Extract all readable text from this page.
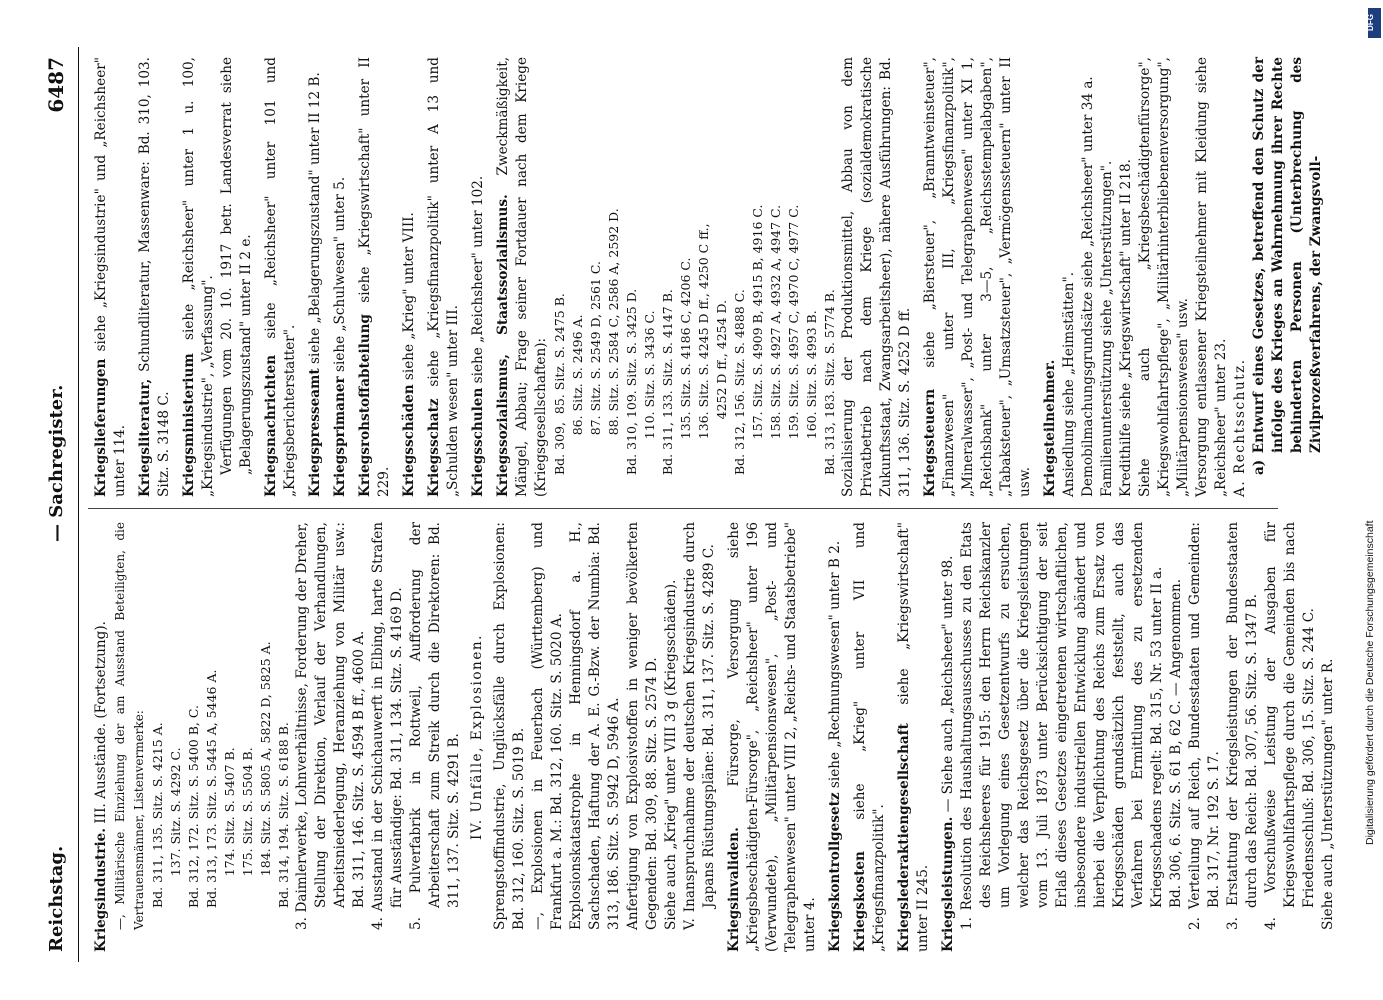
Reichstag.
— Sachregister.
6487
Kriegsindustrie. III. Ausstände. (Fortsetzung). —, Militärische Einziehung der am Ausstand Beteiligten, die Vertrauensmänner, Listenvermerke: Bd. 311, 135. Sitz. S. 4215 A.
137. Sitz. S. 4292 C.
Bd. 312, 172. Sitz. S. 5400 B, C.
Bd. 313, 173. Sitz. S. 5445 A, 5446 A.
174. Sitz. S. 5407 B.
175. Sitz. S. 5504 B.
184. Sitz. S. 5805 A, 5822 D, 5825 A.
Bd. 314, 194. Sitz. S. 6188 B. 3. Daimlerwerke, Lohnverhältnisse, Forderung der Dreher, Stellung der Direktion, Verlauf der Verhandlungen, Arbeitsniederlegung, Heranziehung von Militär usw.: Bd. 311, 146. Sitz. S. 4594 B ff., 4600 A. 4. Ausstand in der Schichauwerft in Elbing, harte Strafen für Ausständige: Bd. 311, 134. Sitz. S. 4169 D. 5. Pulverfabrik in Rottweil, Aufforderung der Arbeiterschaft zum Streik durch die Direktoren: Bd. 311, 137. Sitz. S. 4291 B. IV. Unfälle, Explosionen. Sprengstoffindustrie, Unglücksfälle durch Explosionen: Bd. 312, 160. Sitz. S. 5019 B. —, Explosionen in Feuerbach (Württemberg) und Frankfurt a. M.: Bd. 312, 160. Sitz. S. 5020 A. Explosionskatastrophe in Henningsdorf a. H., Sachschaden, Haftung der A. E. G.-Bzw. der Numbia: Bd. 313, 186. Sitz. S. 5942 D, 5946 A. Anfertigung von Explosivstoffen in weniger bevölkerten Gegenden: Bd. 309, 88. Sitz. S. 2574 D. Siehe auch „Krieg" unter VIII 3 g (Kriegsschäden). V. Inanspruchnahme der deutschen Kriegsindustrie durch Japans Rüstungspläne: Bd. 311, 137. Sitz. S. 4289 C. Kriegsinvaliden. Fürsorge, Versorgung siehe „Kriegsbeschädigten-Fürsorge", „Reichsheer" unter 196 (Verwundete), „Militärpensionswesen", „Post- und Telegraphenwesen" unter VIII 2, „Reichs- und Staatsbetriebe" unter 4. Kriegskontrollgesetz siehe „Rechnungswesen" unter B 2.
Kriegskosten siehe „Krieg" unter VII und „Kriegsfinanzpolitik". Kriegslederaktiengesellschaft siehe „Kriegswirtschaft" unter II 245. Kriegsleistungen. — Siehe auch „Reichsheer" unter 98. 1. Resolution des Haushaltungsausschusses zu den Etats des Reichsheeres für 1915: den Herrn Reichskanzler um Vorlegung eines Gesetzentwurfs zu ersuchen, welcher das Reichsgesetz über die Kriegsleistungen vom 13. Juli 1873 unter Berücksichtigung der seit Erlaß dieses Gesetzes eingetretenen wirtschaftlichen, insbesondere industriellen Entwicklung abändert und hierbei die Verpflichtung des Reichs zum Ersatz von Kriegsschäden grundsätzlich feststellt, auch das Verfahren bei Ermittlung des zu ersetzenden Kriegsschadens regelt: Bd. 315, Nr. 53 unter II a. Bd. 306, 6. Sitz. S. 61 B, 62 C. — Angenommen. 2. Verteilung auf Reich, Bundesstaaten und Gemeinden: Bd. 317, Nr. 192 S. 17. 3. Erstattung der Kriegsleistungen der Bundesstaaten durch das Reich: Bd. 307, 56. Sitz. S. 1347 B. 4. Vorschußweise Leistung der Ausgaben für Kriegswohlfahrtspflege durch die Gemeinden bis nach Friedensschluß: Bd. 306, 15. Sitz. S. 244 C. Siehe auch „Unterstützungen" unter R.
Kriegslieferungen siehe „Kriegsindustrie" und „Reichsheer" unter 114. Kriegsliteratur, Schundliteratur, Massenware: Bd. 310, 103. Sitz. S. 3148 C. Kriegsministerium siehe „Reichsheer" unter 1 u. 100, „Kriegsindustrie", „Verfassung". Verfügungen vom 20. 10. 1917 betr. Landesverrat siehe „Belagerungszustand" unter II 2 e. Kriegsnachrichten siehe „Reichsheer" unter 101 und „Kriegsberichterstatter". Kriegspresseamt siehe „Belagerungszustand" unter II 12 B.
Kriegsprimaner siehe „Schulwesen" unter 5.
Kriegsrohstoffabteilung siehe „Kriegswirtschaft" unter II 229. Kriegsschäden siehe „Krieg" unter VIII.
Kriegsschatz siehe „Kriegsfinanzpolitik" unter A 13 und „Schulden wesen" unter III. Kriegsschulen siehe „Reichsheer" unter 102. Kriegssozialismus, Staatssozialismus. Zweckmäßigkeit, Mängel, Abbau; Frage seiner Fortdauer nach dem Kriege (Kriegsgesellschaften): Bd. 309,  85. Sitz. S. 2475 B.
86. Sitz. S. 2496 A.
87. Sitz. S. 2549 D, 2561 C.
88. Sitz. S. 2584 C, 2586 A, 2592 D.
Bd. 310, 109. Sitz. S. 3425 D.
110. Sitz. S. 3436 C.
Bd. 311, 133. Sitz. S. 4147 B.
135. Sitz. S. 4186 C, 4206 C.
136. Sitz. S. 4245 D ff., 4250 C ff.,
4252 D ff., 4254 D.
Bd. 312, 156. Sitz. S. 4888 C.
157. Sitz. S. 4909 B, 4915 B, 4916 C.
158. Sitz. S. 4927 A, 4932 A, 4947 C.
159. Sitz. S. 4957 C, 4970 C, 4977 C.
160. Sitz. S. 4993 B.
Bd. 313, 183. Sitz. S. 5774 B. Sozialisierung der Produktionsmittel, Abbau von dem Privatbetrieb nach dem Kriege (sozialdemokratische Zukunftsstaat, Zwangsarbeitsheer), nähere Ausführungen: Bd. 311, 136. Sitz. S. 4252 D ff. Kriegssteuern siehe „Biersteuer", „Branntweinsteuer", „Finanzwesen" unter III, „Kriegsfinanzpolitik", „Mineralwasser", „Post- und Telegraphenwesen" unter XI 1, „Reichsbank" unter 3—5, „Reichsstempelabgaben", „Tabaksteuer", „Umsatzsteuer", „Vermögenssteuern" unter II usw. Kriegsteilnehmer. Ansiedlung siehe „Heimstätten". Demobilmachungsgrundsätze siehe „Reichsheer" unter 34 a. Familienunterstützung siehe „Unterstützungen". Kredithilfe siehe „Kriegswirtschaft" unter II 218. Siehe auch „Kriegsbeschädigtenfürsorge", „Kriegswohlfahrtspflege", „Militärhinterbliebenenversorgung", „Militärpensionswesen" usw. Versorgung entlassener Kriegsteilnehmer mit Kleidung siehe „Reichsheer" unter 23. A. Rechtsschutz. a) Entwurf eines Gesetzes, betreffend den Schutz der infolge des Krieges an Wahrnehmung ihrer Rechte behinderten Personen (Unterbrechung des Zivilprozeßverfahrens, der Zwangsvoll-
DFG
Digitalisierung gefördert durch die Deutsche Forschungsgemeinschaft
